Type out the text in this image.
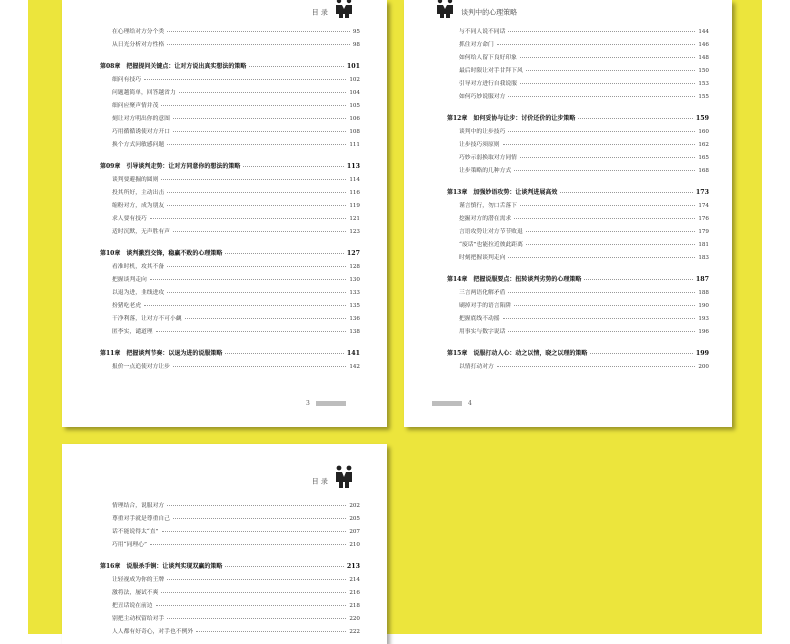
目 录
在心理给对方分个类	95
从日光分析对方性格	98
第08章　把握提问关键点：让对方说出真实想法的策略	101
细问有技巧	102
问题越简单，回答越省力	104
细问应聚声情并茂	105
刻让对方明出你的意图	106
巧用循循诱使对方开口	108
换个方式问敏感问题	111
第09章　引导谈判走势：让对方同意你的想法的策略	113
谈判要避掘的圆则	114
投其所好，主动出击	116
缩粉对方，成为朋友	119
求人要有技巧	121
适时沉默，无声胜有声	123
第10章　谈判激烈交锋，稳赢不败的心理策略	127
看准时机，攻其不备	128
把握谈判走向	130
以退为进，韭线进攻	133
扮猪吃老虎	135
干净利落，让对方不可小觑	136
匿李实，谴道理	138
第11章　把握谈判节奏：以退为进的说服策略	141
报价一点追使对方让步	142
3
谈判中的心理策略
与不同人说不同话	144
抓住对方命门	146
如何给人留下良好印象	148
最后时限让对手甘拜下风	150
引导对方进行自我说服	153
如何巧妙说服对方	155
第12章　如何妥协与让步：讨价还价的让步策略	159
谈判中的让步技巧	160
让步技巧须原则	162
巧妙示弱换取对方同情	165
让步策略的几种方式	168
第13章　加强妙语攻势：让谈判进展高效	173
谨言慎行，勿口舌落下	174
挖掘对方的潜在需求	176
言语攻势让对方节节败退	179
“废话”也能拉近彼此距离	181
时刻把握谈判走向	183
第14章　把握说服要点：扭转谈判劣势的心理策略	187
三言两语化解矛盾	188
刷掉对手的语言陷阱	190
把握底线不动摇	193
用事实与数字说话	196
第15章　说服打动人心：动之以情，晓之以理的策略	199
以情打动对方	200
4
目 录
情理结合，说服对方	202
尊重对手就是尊重自己	205
话不能说得太“直”	207
巧用“同理心”	210
第16章　说服杀手锏：让谈判实现双赢的策略	213
让轻视成为你的王牌	214
激将法，屡试不爽	216
把丑话说在前边	218
别把主动权留给对手	220
人人都有好奇心，对手也不例外	222
